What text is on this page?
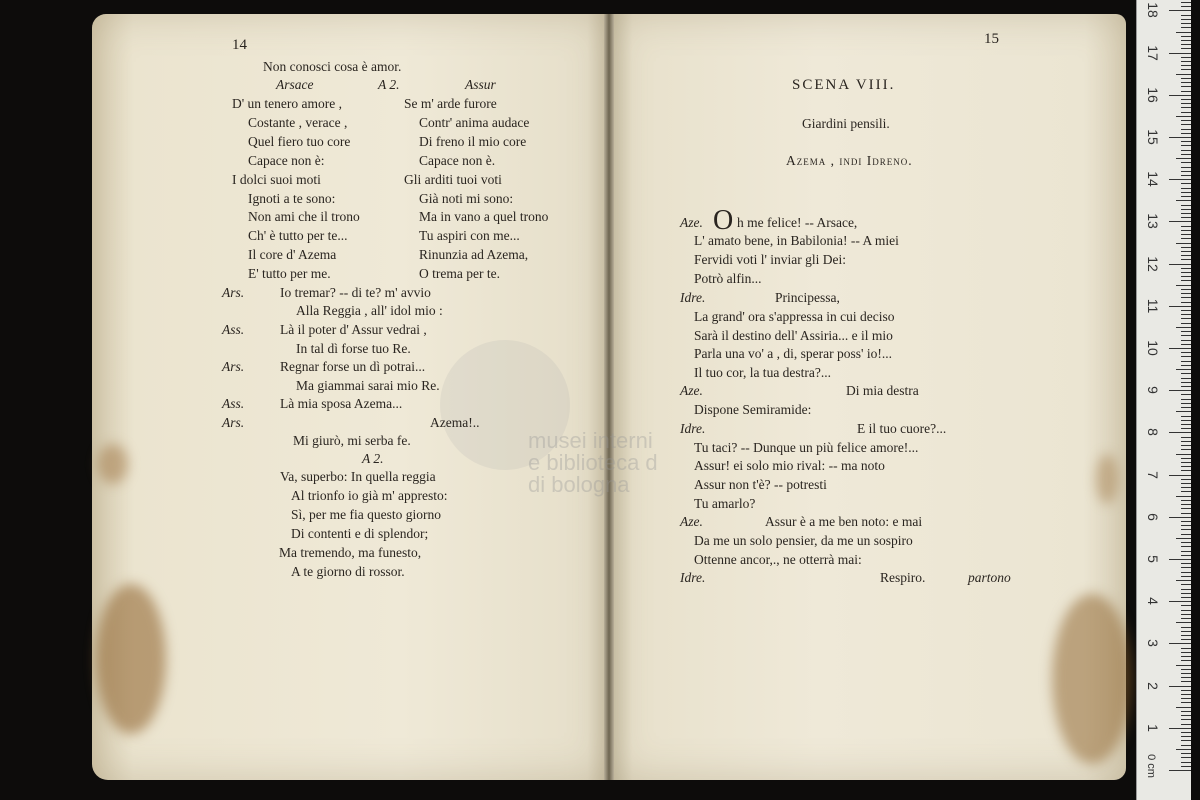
musei interni
e biblioteca d
di bologna
14	15
SCENA VIII.
Giardini pensili.
Azema , indi Idreno.
O
Non conosci cosa è amor.
Arsace	A 2.	Assur
D' un tenero amore ,	Se m' arde furore
Costante , verace ,	Contr' anima audace
Quel fiero tuo core	Di freno il mio core
Capace non è:	Capace non è.
I dolci suoi moti	Gli arditi tuoi voti
Ignoti a te sono:	Già noti mi sono:
Non ami che il trono	Ma in vano a quel trono
Ch' è tutto per te...	Tu aspiri con me...
Il core d' Azema	Rinunzia ad Azema,
E' tutto per me.	O trema per te.
Ars.	Io tremar? -- di te? m' avvio
Alla Reggia , all' idol mio :
Ass.	Là il poter d' Assur vedrai ,
In tal dì forse tuo Re.
Ars.	Regnar forse un dì potrai...
Ma giammai sarai mio Re.
Ass.	Là mia sposa Azema...
Ars.	Azema!..
Mi giurò, mi serba fe.
A 2.
Va, superbo: In quella reggia
Al trionfo io già m' appresto:
Sì, per me fia questo giorno
Di contenti e di splendor;
Ma tremendo, ma funesto,
A te giorno di rossor.
Aze.	h me felice! -- Arsace,
L' amato bene, in Babilonia! -- A miei
Fervidi voti l' inviar gli Dei:
Potrò alfin...
Idre.	Principessa,
La grand' ora s'appressa in cui deciso
Sarà il destino dell' Assiria... e il mio
Parla una vo' a , di, sperar poss' io!...
Il tuo cor, la tua destra?...
Aze.	Di mia destra
Dispone Semiramide:
Idre.	E il tuo cuore?...
Tu taci? -- Dunque un più felice amore!...
Assur! ei solo mio rival: -- ma noto
Assur non t'è? -- potresti
Tu amarlo?
Aze.	Assur è a me ben noto: e mai
Da me un solo pensier, da me un sospiro
Ottenne ancor,., ne otterrà mai:
Idre.	Respiro.	partono
0 cm
18
17
16
15
14
13
12
11
10
9
8
7
6
5
4
3
2
1
